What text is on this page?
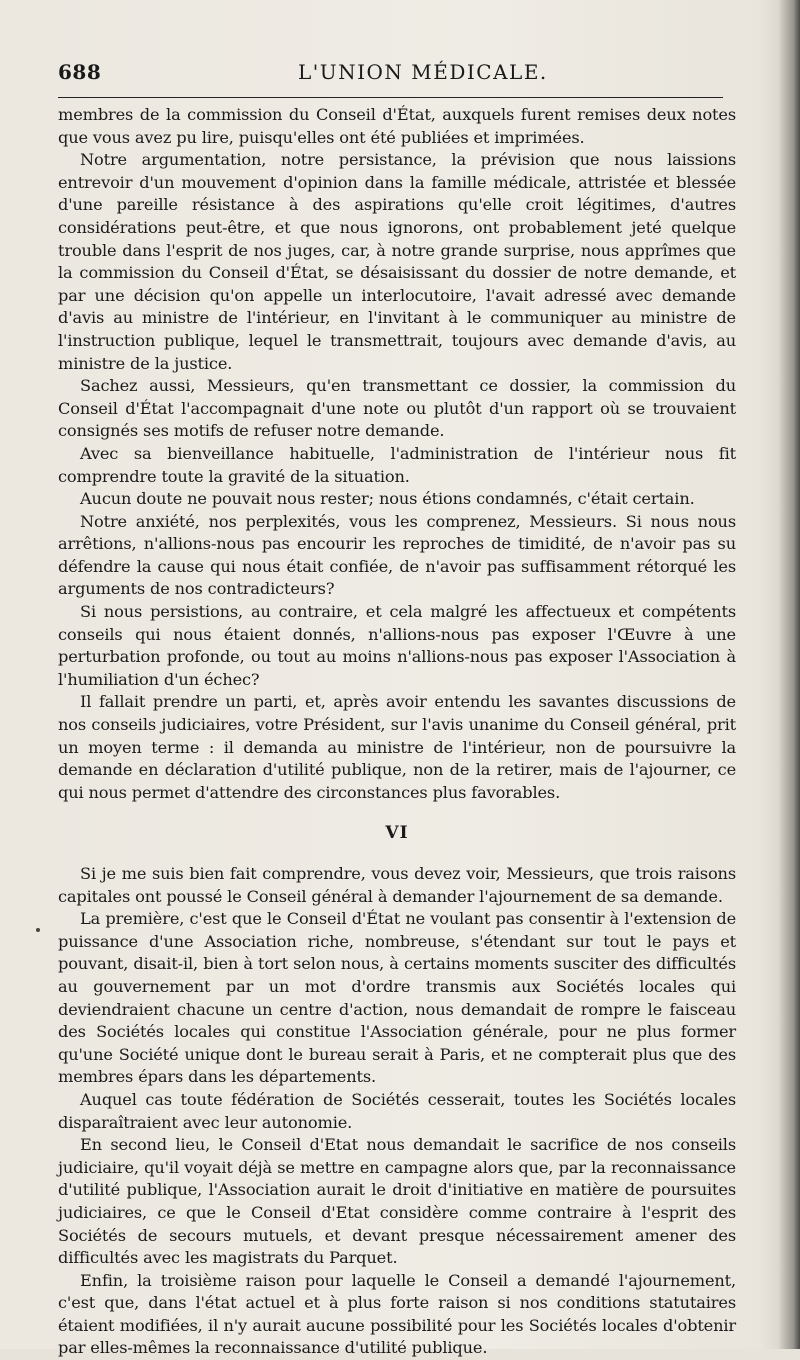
688	L'UNION MÉDICALE.

membres de la commission du Conseil d'État, auxquels furent remises deux notes que vous avez pu lire, puisqu'elles ont été publiées et imprimées.

Notre argumentation, notre persistance, la prévision que nous laissions entrevoir d'un mouvement d'opinion dans la famille médicale, attristée et blessée d'une pareille résistance à des aspirations qu'elle croit légitimes, d'autres considérations peut-être, et que nous ignorons, ont probablement jeté quelque trouble dans l'esprit de nos juges, car, à notre grande surprise, nous apprîmes que la commission du Conseil d'État, se désaisissant du dossier de notre demande, et par une décision qu'on appelle un interlocutoire, l'avait adressé avec demande d'avis au ministre de l'intérieur, en l'invitant à le communiquer au ministre de l'instruction publique, lequel le transmettrait, toujours avec demande d'avis, au ministre de la justice.

Sachez aussi, Messieurs, qu'en transmettant ce dossier, la commission du Conseil d'État l'accompagnait d'une note ou plutôt d'un rapport où se trouvaient consignés ses motifs de refuser notre demande.

Avec sa bienveillance habituelle, l'administration de l'intérieur nous fit comprendre toute la gravité de la situation.

Aucun doute ne pouvait nous rester; nous étions condamnés, c'était certain.

Notre anxiété, nos perplexités, vous les comprenez, Messieurs. Si nous nous arrêtions, n'allions-nous pas encourir les reproches de timidité, de n'avoir pas su défendre la cause qui nous était confiée, de n'avoir pas suffisamment rétorqué les arguments de nos contradicteurs?

Si nous persistions, au contraire, et cela malgré les affectueux et compétents conseils qui nous étaient donnés, n'allions-nous pas exposer l'Œuvre à une perturbation profonde, ou tout au moins n'allions-nous pas exposer l'Association à l'humiliation d'un échec?

Il fallait prendre un parti, et, après avoir entendu les savantes discussions de nos conseils judiciaires, votre Président, sur l'avis unanime du Conseil général, prit un moyen terme : il demanda au ministre de l'intérieur, non de poursuivre la demande en déclaration d'utilité publique, non de la retirer, mais de l'ajourner, ce qui nous permet d'attendre des circonstances plus favorables.

VI

Si je me suis bien fait comprendre, vous devez voir, Messieurs, que trois raisons capitales ont poussé le Conseil général à demander l'ajournement de sa demande.

La première, c'est que le Conseil d'État ne voulant pas consentir à l'extension de puissance d'une Association riche, nombreuse, s'étendant sur tout le pays et pouvant, disait-il, bien à tort selon nous, à certains moments susciter des difficultés au gouvernement par un mot d'ordre transmis aux Sociétés locales qui deviendraient chacune un centre d'action, nous demandait de rompre le faisceau des Sociétés locales qui constitue l'Association générale, pour ne plus former qu'une Société unique dont le bureau serait à Paris, et ne compterait plus que des membres épars dans les départements.

Auquel cas toute fédération de Sociétés cesserait, toutes les Sociétés locales disparaîtraient avec leur autonomie.

En second lieu, le Conseil d'Etat nous demandait le sacrifice de nos conseils judiciaire, qu'il voyait déjà se mettre en campagne alors que, par la reconnaissance d'utilité publique, l'Association aurait le droit d'initiative en matière de poursuites judiciaires, ce que le Conseil d'Etat considère comme contraire à l'esprit des Sociétés de secours mutuels, et devant presque nécessairement amener des difficultés avec les magistrats du Parquet.

Enfin, la troisième raison pour laquelle le Conseil a demandé l'ajournement, c'est que, dans l'état actuel et à plus forte raison si nos conditions statutaires étaient modifiées, il n'y aurait aucune possibilité pour les Sociétés locales d'obtenir par elles-mêmes la reconnaissance d'utilité publique.
